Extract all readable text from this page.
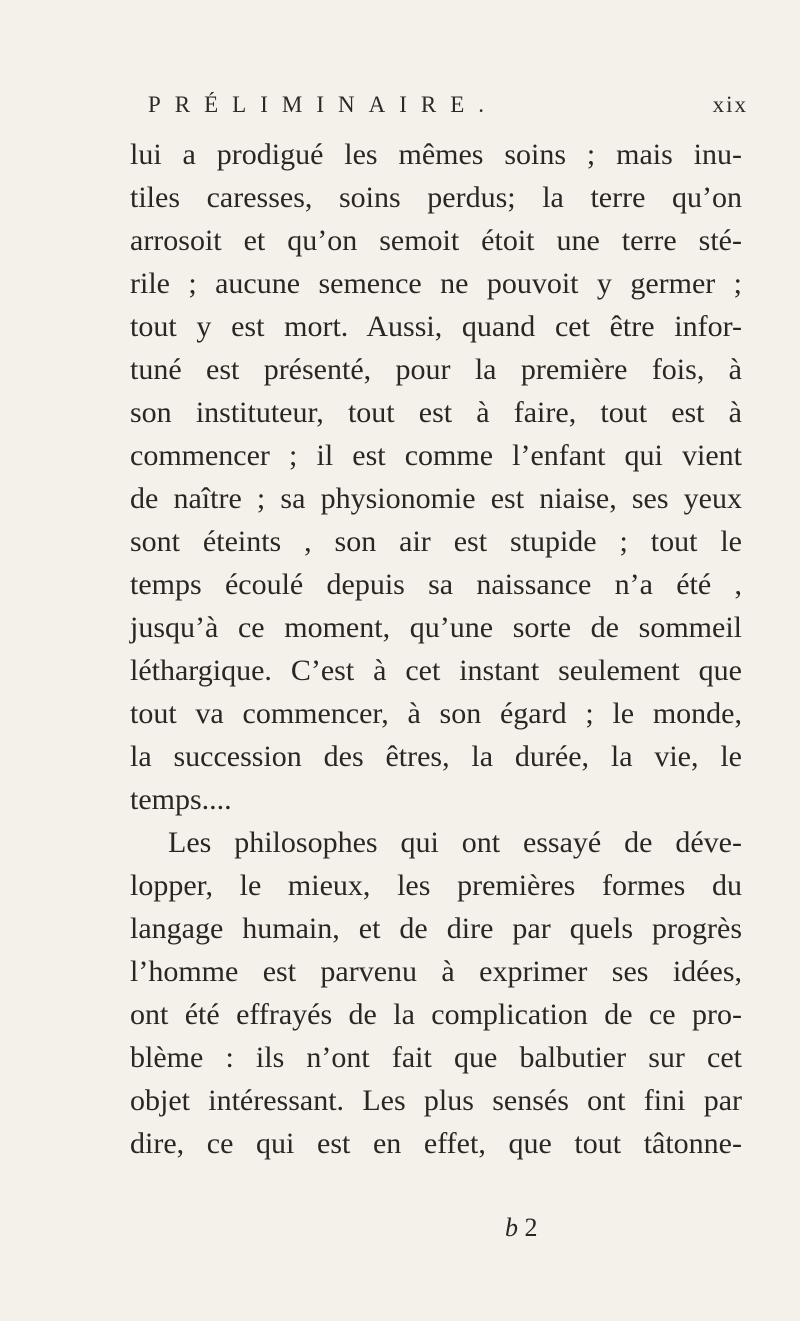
PRÉLIMINAIRE.	xix
lui a prodigué les mêmes soins ; mais inu-
tiles caresses, soins perdus; la terre qu’on
arrosoit et qu’on semoit étoit une terre sté-
rile ; aucune semence ne pouvoit y germer ;
tout y est mort. Aussi, quand cet être infor-
tuné est présenté, pour la première fois, à
son instituteur, tout est à faire, tout est à
commencer ; il est comme l’enfant qui vient
de naître ; sa physionomie est niaise, ses yeux
sont éteints , son air est stupide ; tout le
temps écoulé depuis sa naissance n’a été ,
jusqu’à ce moment, qu’une sorte de sommeil
léthargique. C’est à cet instant seulement que
tout va commencer, à son égard ; le monde,
la succession des êtres, la durée, la vie, le
temps....
Les philosophes qui ont essayé de déve-
lopper, le mieux, les premières formes du
langage humain, et de dire par quels progrès
l’homme est parvenu à exprimer ses idées,
ont été effrayés de la complication de ce pro-
blème : ils n’ont fait que balbutier sur cet
objet intéressant. Les plus sensés ont fini par
dire, ce qui est en effet, que tout tâtonne-
b 2
